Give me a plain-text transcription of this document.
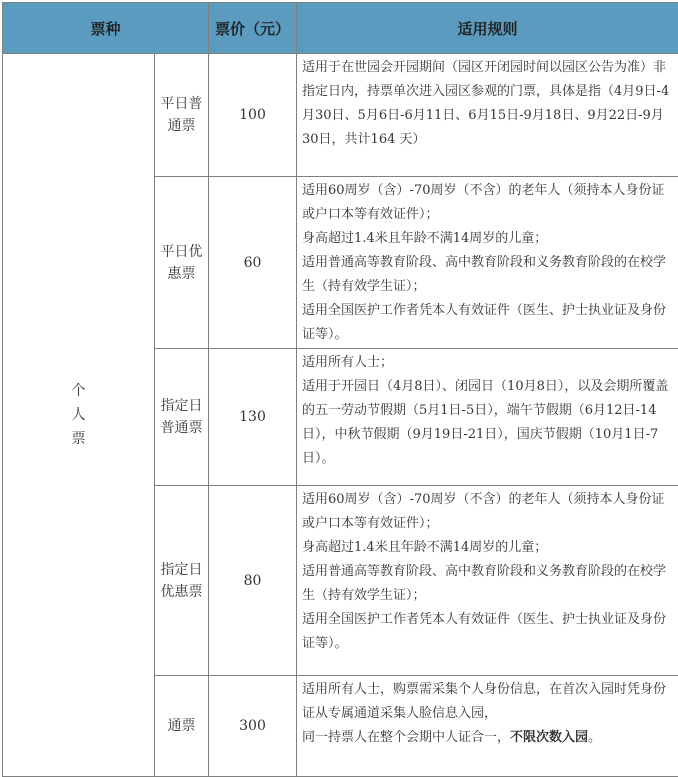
票种		票价（元）	适用规则

个
人
票	平日普通票	100	适用于在世园会开园期间（园区开闭园时间以园区公告为准）非指定日内，持票单次进入园区参观的门票，具体是指（4月9日-4月30日、5月6日-6月11日、6月15日-9月18日、9月22日-9月30日，共计164 天）

	平日优惠票	60	适用60周岁（含）-70周岁（不含）的老年人（须持本人身份证或户口本等有效证件）；
身高超过1.4米且年龄不满14周岁的儿童；
适用普通高等教育阶段、高中教育阶段和义务教育阶段的在校学生（持有效学生证）；
适用全国医护工作者凭本人有效证件（医生、护士执业证及身份证等）。

	指定日普通票	130	适用所有人士；
适用于开园日（4月8日）、闭园日（10月8日），以及会期所覆盖的五一劳动节假期（5月1日-5日），端午节假期（6月12日-14日），中秋节假期（9月19日-21日），国庆节假期（10月1日-7日）。

	指定日优惠票	80	适用60周岁（含）-70周岁（不含）的老年人（须持本人身份证或户口本等有效证件）；
身高超过1.4米且年龄不满14周岁的儿童；
适用普通高等教育阶段、高中教育阶段和义务教育阶段的在校学生（持有效学生证）；
适用全国医护工作者凭本人有效证件（医生、护士执业证及身份证等）。

	通票	300	适用所有人士，购票需采集个人身份信息，在首次入园时凭身份证从专属通道采集人脸信息入园，
同一持票人在整个会期中人证合一，不限次数入园。
